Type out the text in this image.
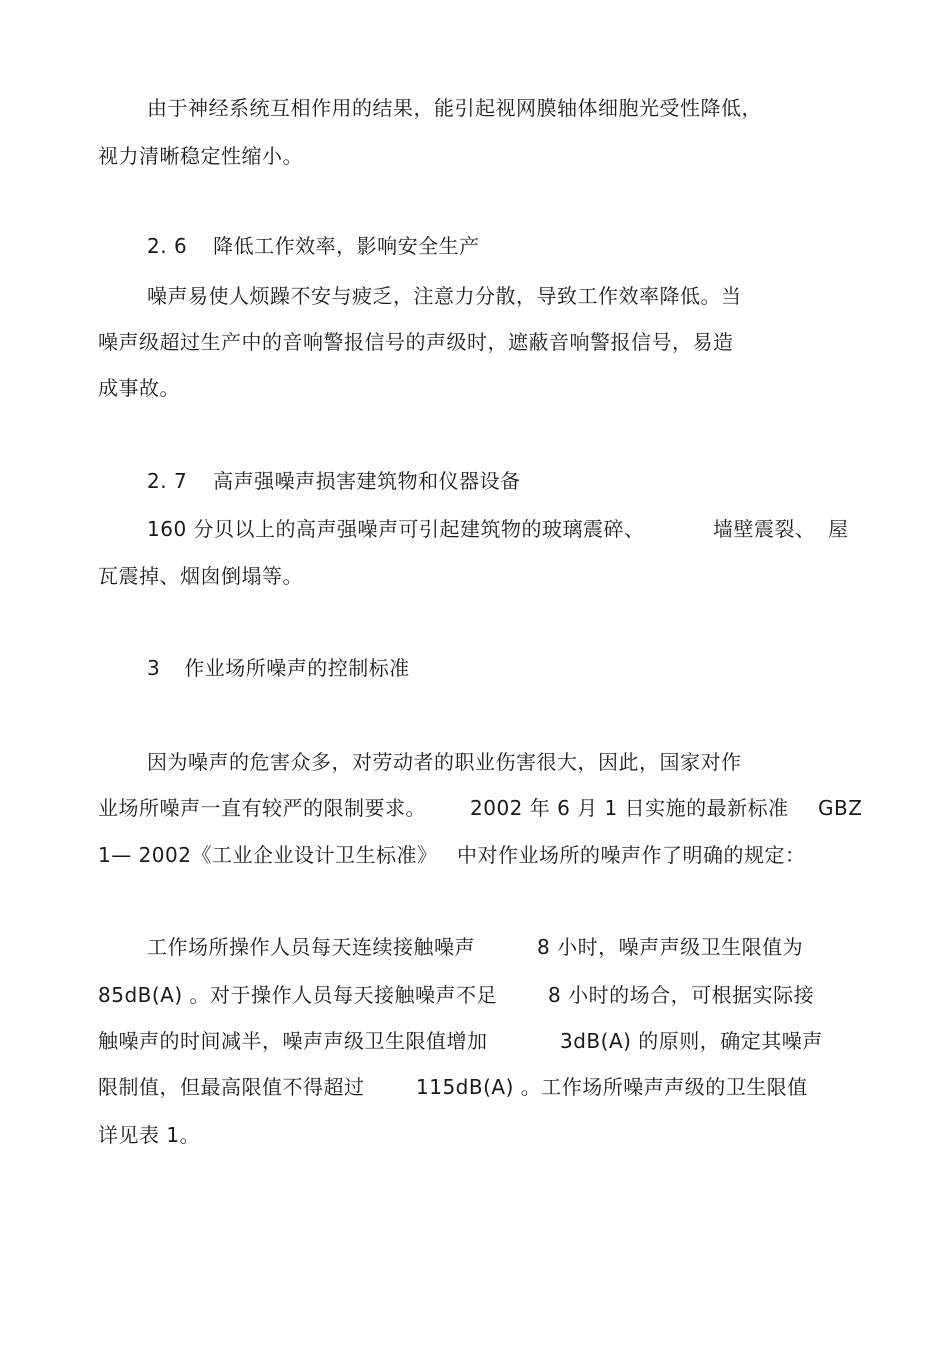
由于神经系统互相作用的结果，能引起视网膜轴体细胞光受性降低，
视力清晰稳定性缩小。
2. 6 降低工作效率，影响安全生产
噪声易使人烦躁不安与疲乏，注意力分散，导致工作效率降低。当
噪声级超过生产中的音响警报信号的声级时，遮蔽音响警报信号，易造
成事故。
2. 7 高声强噪声损害建筑物和仪器设备
160 分贝以上的高声强噪声可引起建筑物的玻璃震碎、	墙壁震裂、 屋
瓦震掉、烟囱倒塌等。
3 作业场所噪声的控制标准
因为噪声的危害众多，对劳动者的职业伤害很大，因此，国家对作
业场所噪声一直有较严的限制要求。 2002 年 6 月 1 日实施的最新标准 GBZ
1— 2002《工业企业设计卫生标准》 中对作业场所的噪声作了明确的规定：
工作场所操作人员每天连续接触噪声	8 小时，噪声声级卫生限值为
85dB(A) 。对于操作人员每天接触噪声不足	8 小时的场合，可根据实际接
触噪声的时间减半，噪声声级卫生限值增加	3dB(A) 的原则，确定其噪声
限制值，但最高限值不得超过	115dB(A) 。工作场所噪声声级的卫生限值
详见表 1。
